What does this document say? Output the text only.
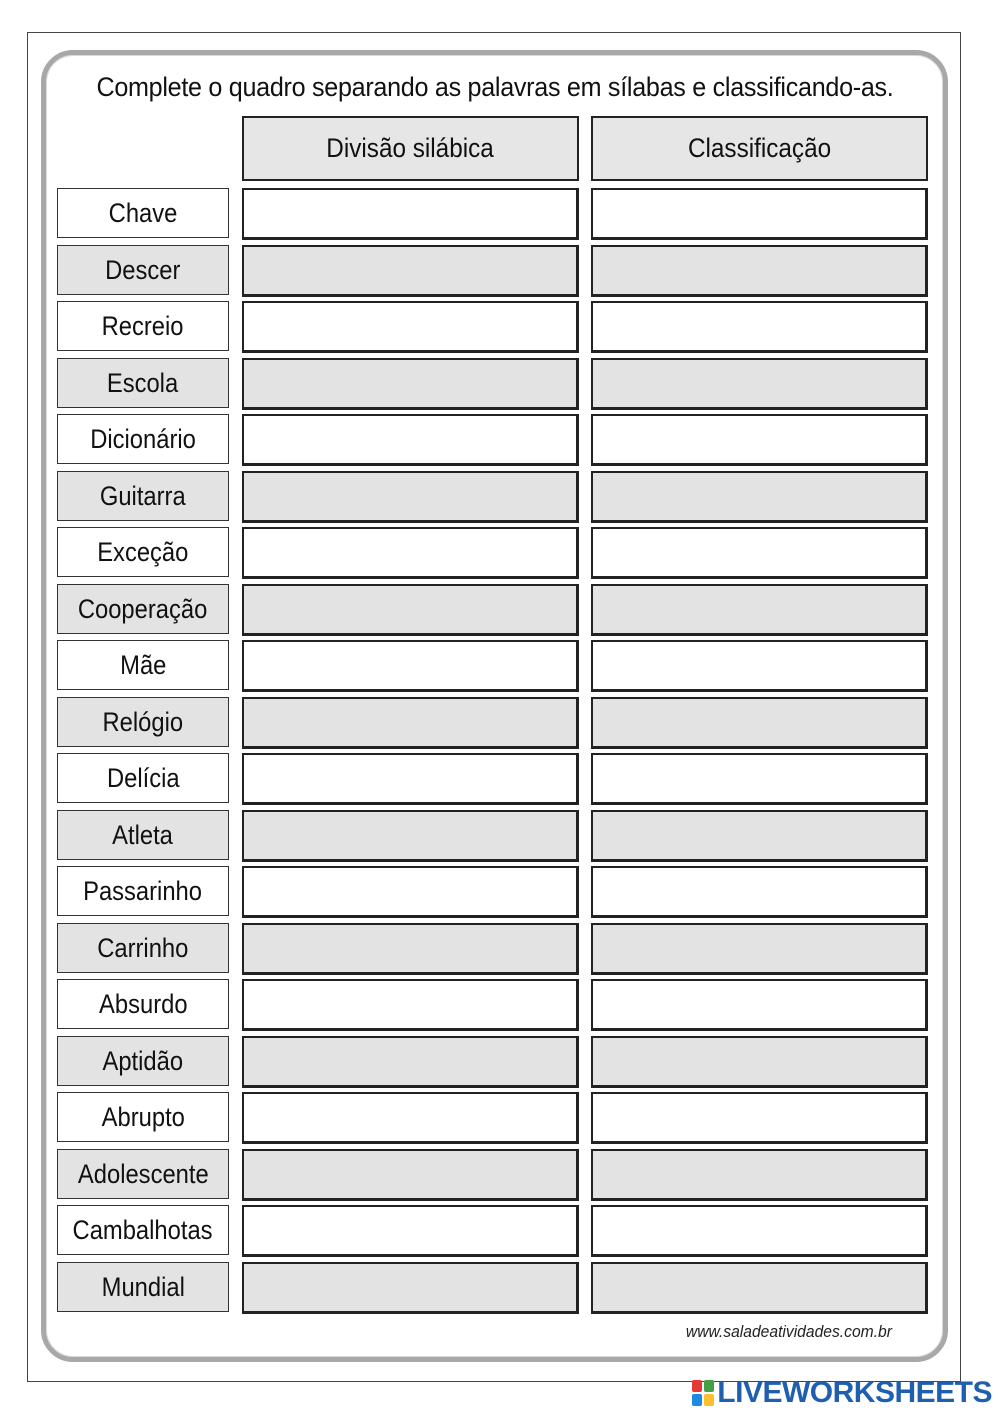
Complete o quadro separando as palavras em sílabas e classificando-as.
Divisão silábica	Classificação
Chave
Descer
Recreio
Escola
Dicionário
Guitarra
Exceção
Cooperação
Mãe
Relógio
Delícia
Atleta
Passarinho
Carrinho
Absurdo
Aptidão
Abrupto
Adolescente
Cambalhotas
Mundial
www.saladeatividades.com.br
LIVEWORKSHEETS
